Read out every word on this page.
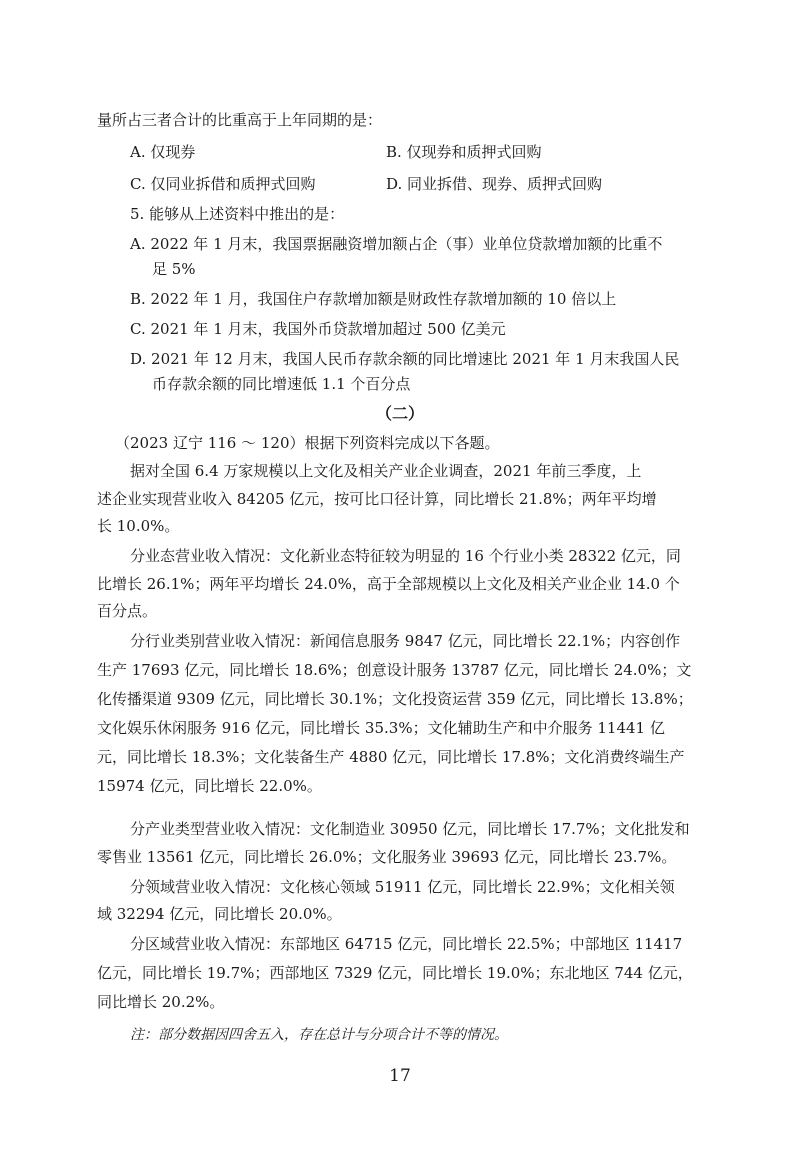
量所占三者合计的比重高于上年同期的是：
A. 仅现券	B. 仅现券和质押式回购
C. 仅同业拆借和质押式回购	D. 同业拆借、现券、质押式回购
5. 能够从上述资料中推出的是：
A. 2022 年 1 月末，我国票据融资增加额占企（事）业单位贷款增加额的比重不
足 5%
B. 2022 年 1 月，我国住户存款增加额是财政性存款增加额的 10 倍以上
C. 2021 年 1 月末，我国外币贷款增加超过 500 亿美元
D. 2021 年 12 月末，我国人民币存款余额的同比增速比 2021 年 1 月末我国人民
币存款余额的同比增速低 1.1 个百分点
（二）
（2023 辽宁 116 ～ 120）根据下列资料完成以下各题。
据对全国 6.4 万家规模以上文化及相关产业企业调查，2021 年前三季度，上
述企业实现营业收入 84205 亿元，按可比口径计算，同比增长 21.8%；两年平均增
长 10.0%。
分业态营业收入情况：文化新业态特征较为明显的 16 个行业小类 28322 亿元，同
比增长 26.1%；两年平均增长 24.0%，高于全部规模以上文化及相关产业企业 14.0 个
百分点。
分行业类别营业收入情况：新闻信息服务 9847 亿元，同比增长 22.1%；内容创作
生产 17693 亿元，同比增长 18.6%；创意设计服务 13787 亿元，同比增长 24.0%；文
化传播渠道 9309 亿元，同比增长 30.1%；文化投资运营 359 亿元，同比增长 13.8%；
文化娱乐休闲服务 916 亿元，同比增长 35.3%；文化辅助生产和中介服务 11441 亿
元，同比增长 18.3%；文化装备生产 4880 亿元，同比增长 17.8%；文化消费终端生产
15974 亿元，同比增长 22.0%。
分产业类型营业收入情况：文化制造业 30950 亿元，同比增长 17.7%；文化批发和
零售业 13561 亿元，同比增长 26.0%；文化服务业 39693 亿元，同比增长 23.7%。
分领域营业收入情况：文化核心领域 51911 亿元，同比增长 22.9%；文化相关领
域 32294 亿元，同比增长 20.0%。
分区域营业收入情况：东部地区 64715 亿元，同比增长 22.5%；中部地区 11417
亿元，同比增长 19.7%；西部地区 7329 亿元，同比增长 19.0%；东北地区 744 亿元，
同比增长 20.2%。
注：部分数据因四舍五入，存在总计与分项合计不等的情况。
17
